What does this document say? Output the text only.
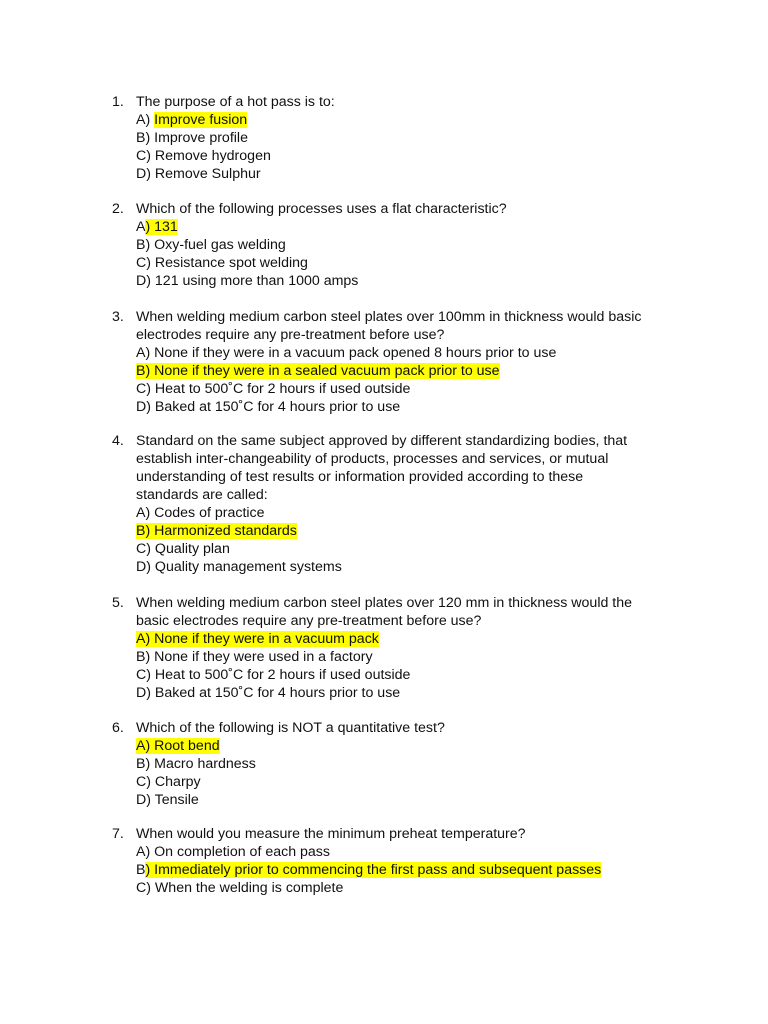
1. The purpose of a hot pass is to:
A) Improve fusion
B) Improve profile
C) Remove hydrogen
D) Remove Sulphur
2. Which of the following processes uses a flat characteristic?
A) 131
B) Oxy-fuel gas welding
C) Resistance spot welding
D) 121 using more than 1000 amps
3. When welding medium carbon steel plates over 100mm in thickness would basic
electrodes require any pre-treatment before use?
A) None if they were in a vacuum pack opened 8 hours prior to use
B) None if they were in a sealed vacuum pack prior to use
C) Heat to 500˚C for 2 hours if used outside
D) Baked at 150˚C for 4 hours prior to use
4. Standard on the same subject approved by different standardizing bodies, that
establish inter-changeability of products, processes and services, or mutual
understanding of test results or information provided according to these
standards are called:
A) Codes of practice
B) Harmonized standards
C) Quality plan
D) Quality management systems
5. When welding medium carbon steel plates over 120 mm in thickness would the
basic electrodes require any pre-treatment before use?
A) None if they were in a vacuum pack
B) None if they were used in a factory
C) Heat to 500˚C for 2 hours if used outside
D) Baked at 150˚C for 4 hours prior to use
6. Which of the following is NOT a quantitative test?
A) Root bend
B) Macro hardness
C) Charpy
D) Tensile
7. When would you measure the minimum preheat temperature?
A) On completion of each pass
B) Immediately prior to commencing the first pass and subsequent passes
C) When the welding is complete
